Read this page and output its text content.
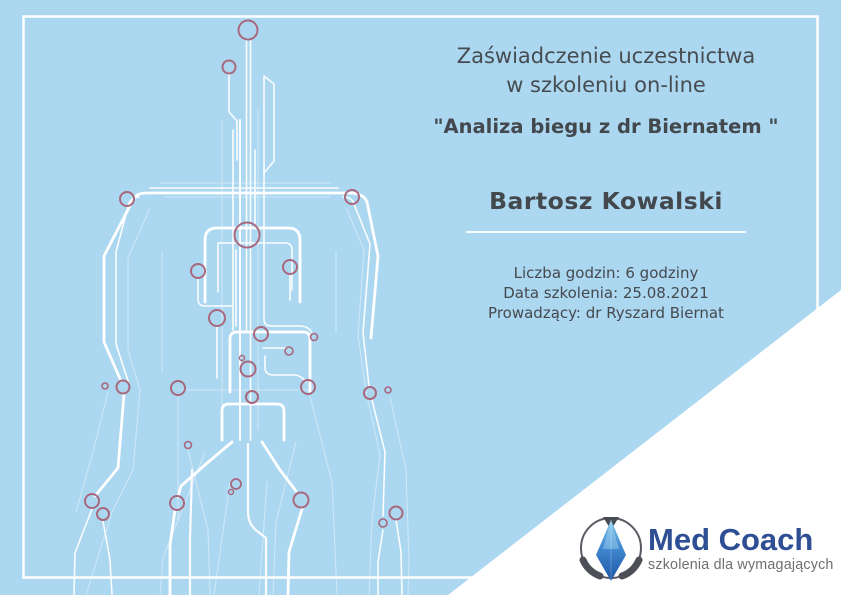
Zaświadczenie uczestnictwa
w szkoleniu on-line
"Analiza biegu z dr Biernatem "
Bartosz Kowalski
Liczba godzin: 6 godziny
Data szkolenia: 25.08.2021
Prowadzący: dr Ryszard Biernat
Med Coach
szkolenia dla wymagających
